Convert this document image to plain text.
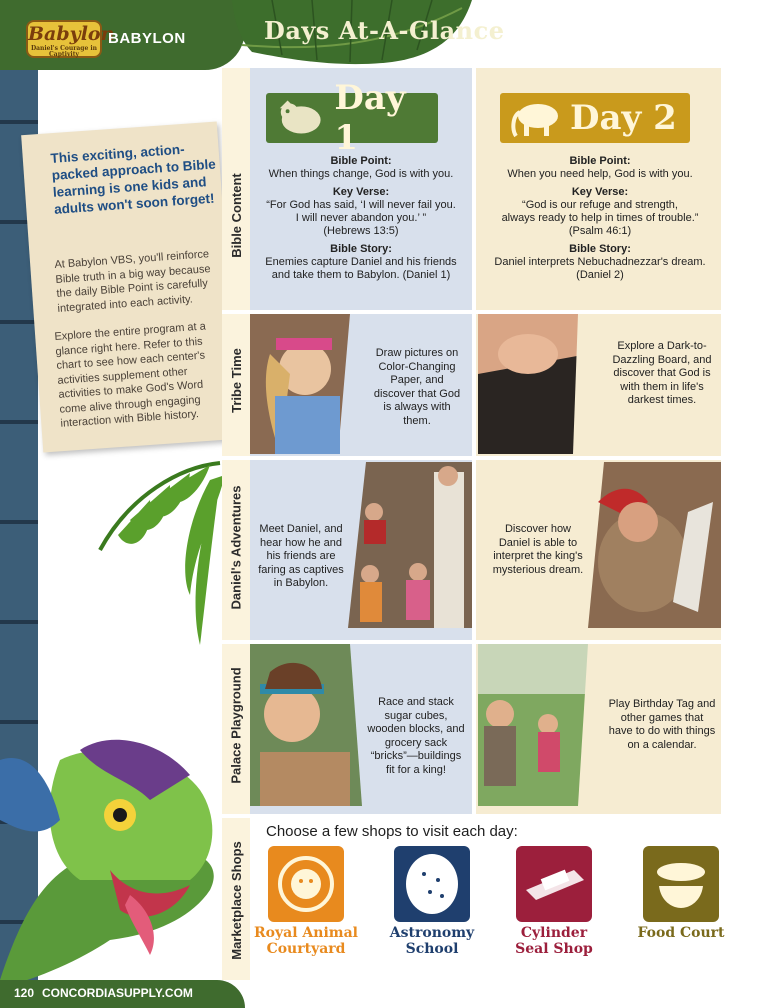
Babylon
Daniel's Courage in Captivity
BABYLON	Days At-A-Glance
This exciting, action-packed approach to Bible learning is one kids and adults won't soon forget!
At Babylon VBS, you'll reinforce Bible truth in a big way because the daily Bible Point is carefully integrated into each activity.
Explore the entire program at a glance right here. Refer to this chart to see how each center's activities supplement other activities to make God's Word come alive through engaging interaction with Bible history.
Bible Content
Tribe Time
Daniel's Adventures
Palace Playground
Marketplace Shops
Day 1	Day 2
Bible Point:
When things change, God is with you.
Key Verse:
“For God has said, ‘I will never fail you.
I will never abandon you.’ ”
(Hebrews 13:5)
Bible Story:
Enemies capture Daniel and his friends and take them to Babylon. (Daniel 1)
Bible Point:
When you need help, God is with you.
Key Verse:
“God is our refuge and strength,
always ready to help in times of trouble.”
(Psalm 46:1)
Bible Story:
Daniel interprets Nebuchadnezzar's dream. (Daniel 2)
Draw pictures on Color-Changing Paper, and discover that God is always with them.
Explore a Dark-to-Dazzling Board, and discover that God is with them in life's darkest times.
Meet Daniel, and hear how he and his friends are faring as captives in Babylon.
Discover how Daniel is able to interpret the king's mysterious dream.
Race and stack sugar cubes, wooden blocks, and grocery sack “bricks”—buildings fit for a king!
Play Birthday Tag and other games that have to do with things on a calendar.
Choose a few shops to visit each day:
Royal Animal
Courtyard
Astronomy
School
Cylinder
Seal Shop
Food Court
120 CONCORDIASUPPLY.COM
